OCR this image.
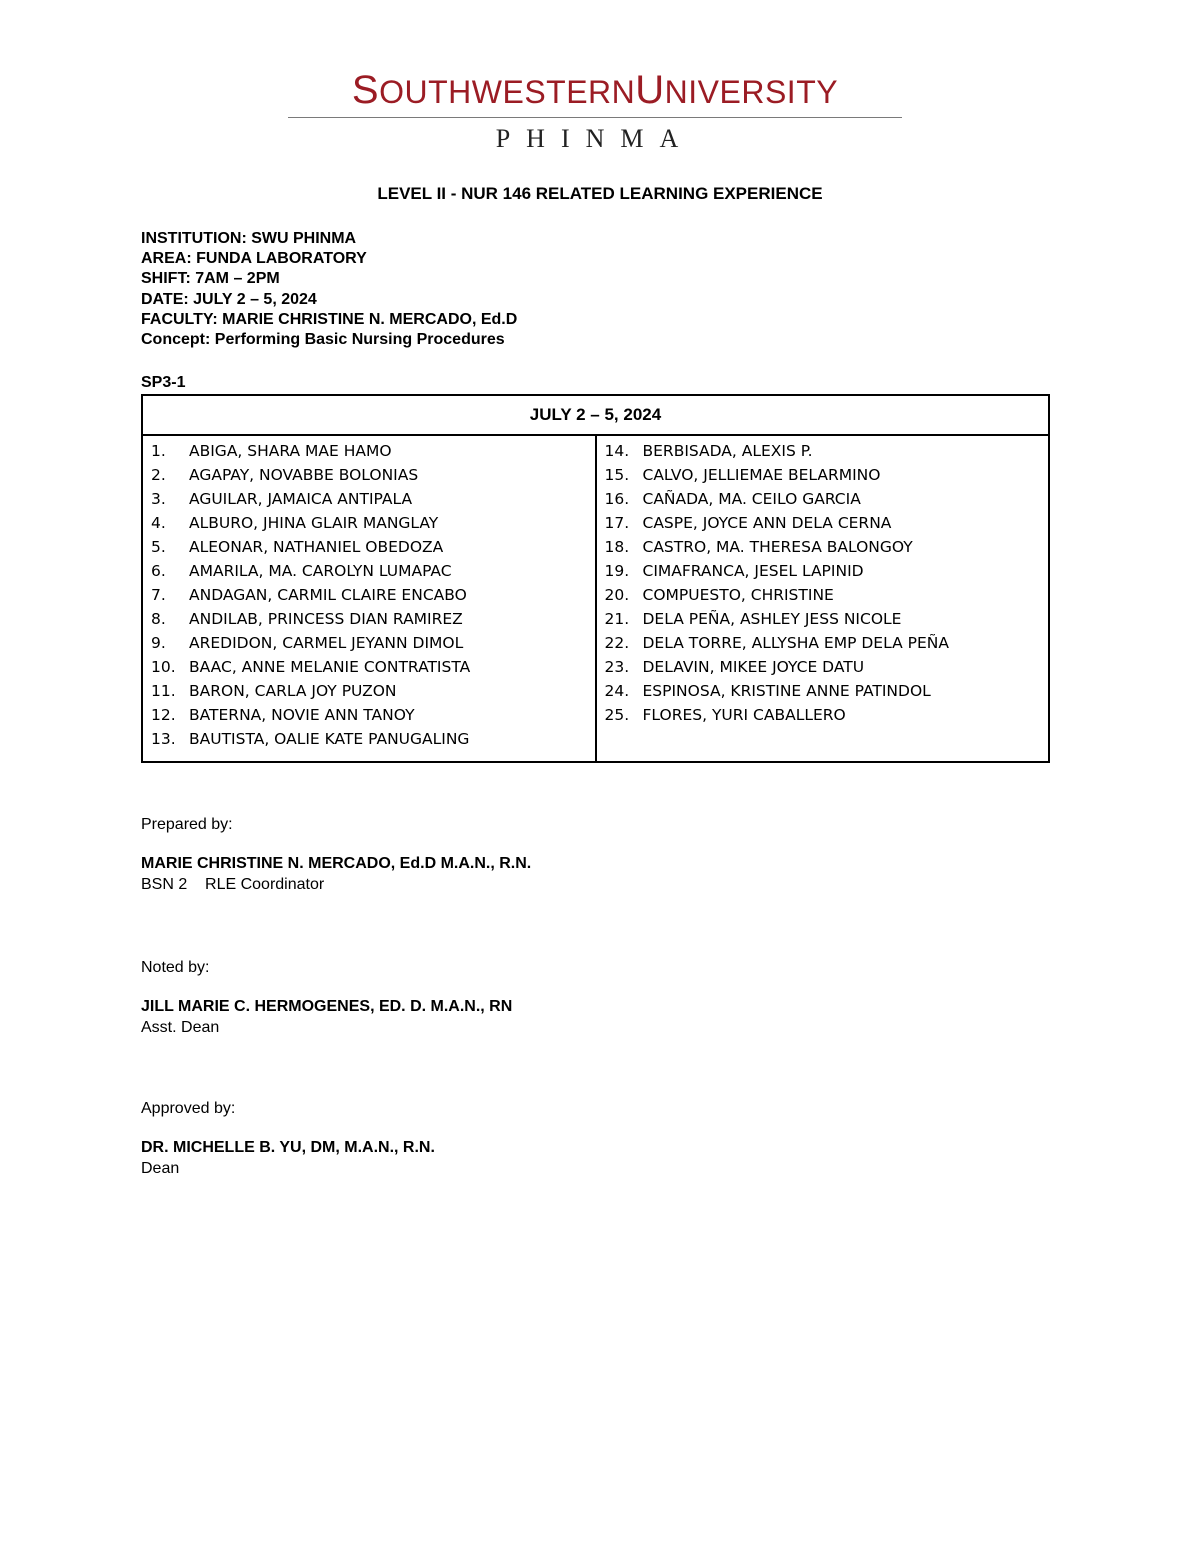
SOUTHWESTERNUNIVERSITY
PHINMA
LEVEL II - NUR 146 RELATED LEARNING EXPERIENCE
INSTITUTION: SWU PHINMA
AREA: FUNDA LABORATORY
SHIFT: 7AM – 2PM
DATE: JULY 2 – 5, 2024
FACULTY: MARIE CHRISTINE N. MERCADO, Ed.D
Concept: Performing Basic Nursing Procedures
SP3-1
JULY 2 – 5, 2024

1.	ABIGA, SHARA MAE HAMO
2.	AGAPAY, NOVABBE BOLONIAS
3.	AGUILAR, JAMAICA ANTIPALA
4.	ALBURO, JHINA GLAIR MANGLAY
5.	ALEONAR, NATHANIEL OBEDOZA
6.	AMARILA, MA. CAROLYN LUMAPAC
7.	ANDAGAN, CARMIL CLAIRE ENCABO
8.	ANDILAB, PRINCESS DIAN RAMIREZ
9.	AREDIDON, CARMEL JEYANN DIMOL
10. BAAC, ANNE MELANIE CONTRATISTA
11. BARON, CARLA JOY PUZON
12. BATERNA, NOVIE ANN TANOY
13. BAUTISTA, OALIE KATE PANUGALING

14. BERBISADA, ALEXIS P.
15. CALVO, JELLIEMAE BELARMINO
16. CAÑADA, MA. CEILO GARCIA
17. CASPE, JOYCE ANN DELA CERNA
18. CASTRO, MA. THERESA BALONGOY
19. CIMAFRANCA, JESEL LAPINID
20. COMPUESTO, CHRISTINE
21. DELA PEÑA, ASHLEY JESS NICOLE
22. DELA TORRE, ALLYSHA EMP DELA PEÑA
23. DELAVIN, MIKEE JOYCE DATU
24. ESPINOSA, KRISTINE ANNE PATINDOL
25. FLORES, YURI CABALLERO
Prepared by:
MARIE CHRISTINE N. MERCADO, Ed.D M.A.N., R.N.
BSN 2    RLE Coordinator
Noted by:
JILL MARIE C. HERMOGENES, ED. D. M.A.N., RN
Asst. Dean
Approved by:
DR. MICHELLE B. YU, DM, M.A.N., R.N.
Dean
